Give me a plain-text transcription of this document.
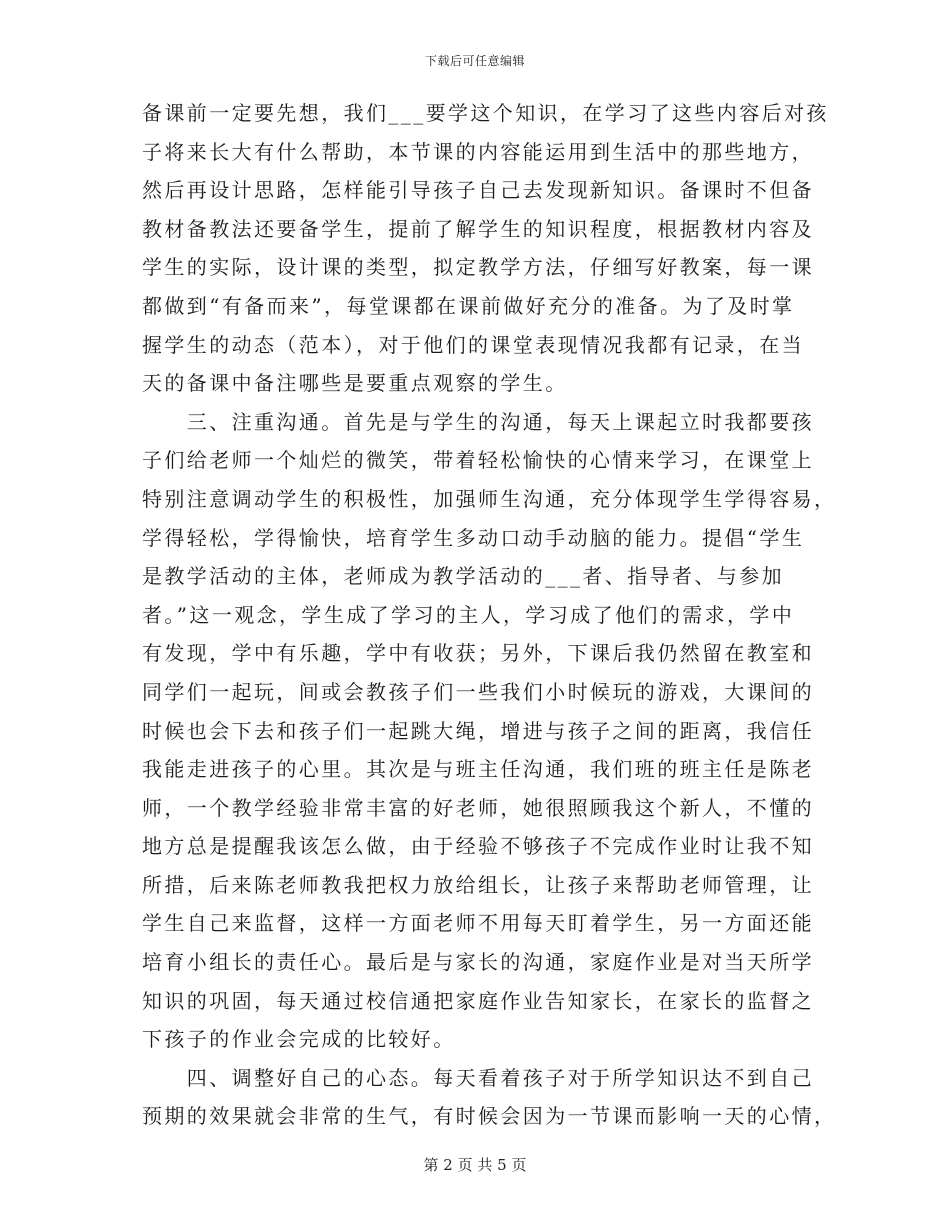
下载后可任意编辑
备课前一定要先想，我们___要学这个知识，在学习了这些内容后对孩
子将来长大有什么帮助，本节课的内容能运用到生活中的那些地方，
然后再设计思路，怎样能引导孩子自己去发现新知识。备课时不但备
教材备教法还要备学生，提前了解学生的知识程度，根据教材内容及
学生的实际，设计课的类型，拟定教学方法，仔细写好教案，每一课
都做到“有备而来”，每堂课都在课前做好充分的准备。为了及时掌
握学生的动态（范本），对于他们的课堂表现情况我都有记录，在当
天的备课中备注哪些是要重点观察的学生。
　　三、注重沟通。首先是与学生的沟通，每天上课起立时我都要孩
子们给老师一个灿烂的微笑，带着轻松愉快的心情来学习，在课堂上
特别注意调动学生的积极性，加强师生沟通，充分体现学生学得容易，
学得轻松，学得愉快，培育学生多动口动手动脑的能力。提倡“学生
是教学活动的主体，老师成为教学活动的___者、指导者、与参加
者。”这一观念，学生成了学习的主人，学习成了他们的需求，学中
有发现，学中有乐趣，学中有收获；另外，下课后我仍然留在教室和
同学们一起玩，间或会教孩子们一些我们小时候玩的游戏，大课间的
时候也会下去和孩子们一起跳大绳，增进与孩子之间的距离，我信任
我能走进孩子的心里。其次是与班主任沟通，我们班的班主任是陈老
师，一个教学经验非常丰富的好老师，她很照顾我这个新人，不懂的
地方总是提醒我该怎么做，由于经验不够孩子不完成作业时让我不知
所措，后来陈老师教我把权力放给组长，让孩子来帮助老师管理，让
学生自己来监督，这样一方面老师不用每天盯着学生，另一方面还能
培育小组长的责任心。最后是与家长的沟通，家庭作业是对当天所学
知识的巩固，每天通过校信通把家庭作业告知家长，在家长的监督之
下孩子的作业会完成的比较好。
　　四、调整好自己的心态。每天看着孩子对于所学知识达不到自己
预期的效果就会非常的生气，有时候会因为一节课而影响一天的心情，
第 2 页 共 5 页
